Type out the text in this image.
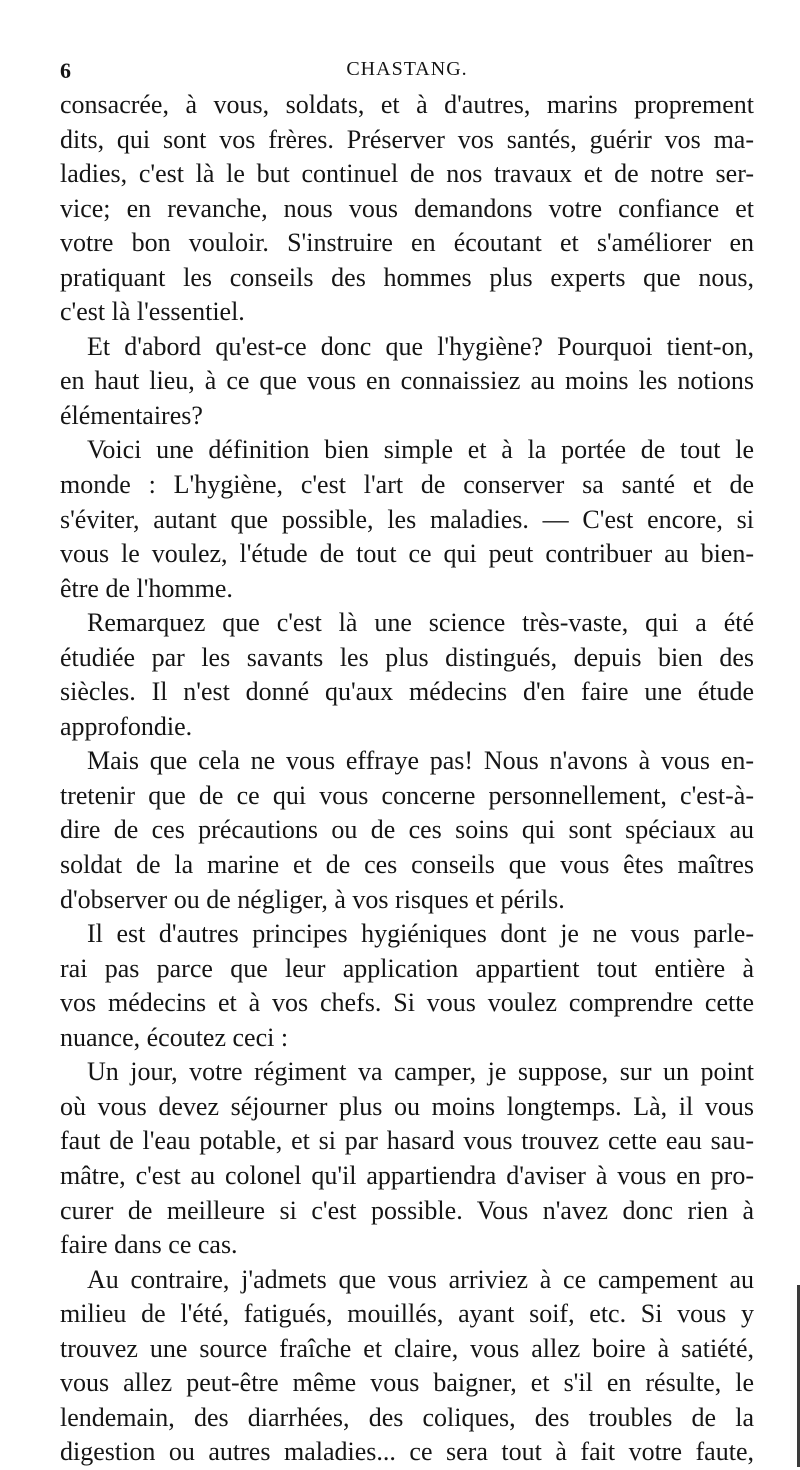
6	CHASTANG.
consacrée, à vous, soldats, et à d'autres, marins proprement
dits, qui sont vos frères. Préserver vos santés, guérir vos ma-
ladies, c'est là le but continuel de nos travaux et de notre ser-
vice; en revanche, nous vous demandons votre confiance et
votre bon vouloir. S'instruire en écoutant et s'améliorer en
pratiquant les conseils des hommes plus experts que nous,
c'est là l'essentiel.
Et d'abord qu'est-ce donc que l'hygiène? Pourquoi tient-on,
en haut lieu, à ce que vous en connaissiez au moins les notions
élémentaires?
Voici une définition bien simple et à la portée de tout le
monde : L'hygiène, c'est l'art de conserver sa santé et de
s'éviter, autant que possible, les maladies. — C'est encore, si
vous le voulez, l'étude de tout ce qui peut contribuer au bien-
être de l'homme.
Remarquez que c'est là une science très-vaste, qui a été
étudiée par les savants les plus distingués, depuis bien des
siècles. Il n'est donné qu'aux médecins d'en faire une étude
approfondie.
Mais que cela ne vous effraye pas! Nous n'avons à vous en-
tretenir que de ce qui vous concerne personnellement, c'est-à-
dire de ces précautions ou de ces soins qui sont spéciaux au
soldat de la marine et de ces conseils que vous êtes maîtres
d'observer ou de négliger, à vos risques et périls.
Il est d'autres principes hygiéniques dont je ne vous parle-
rai pas parce que leur application appartient tout entière à
vos médecins et à vos chefs. Si vous voulez comprendre cette
nuance, écoutez ceci :
Un jour, votre régiment va camper, je suppose, sur un point
où vous devez séjourner plus ou moins longtemps. Là, il vous
faut de l'eau potable, et si par hasard vous trouvez cette eau sau-
mâtre, c'est au colonel qu'il appartiendra d'aviser à vous en pro-
curer de meilleure si c'est possible. Vous n'avez donc rien à
faire dans ce cas.
Au contraire, j'admets que vous arriviez à ce campement au
milieu de l'été, fatigués, mouillés, ayant soif, etc. Si vous y
trouvez une source fraîche et claire, vous allez boire à satiété,
vous allez peut-être même vous baigner, et s'il en résulte, le
lendemain, des diarrhées, des coliques, des troubles de la
digestion ou autres maladies... ce sera tout à fait votre faute,
